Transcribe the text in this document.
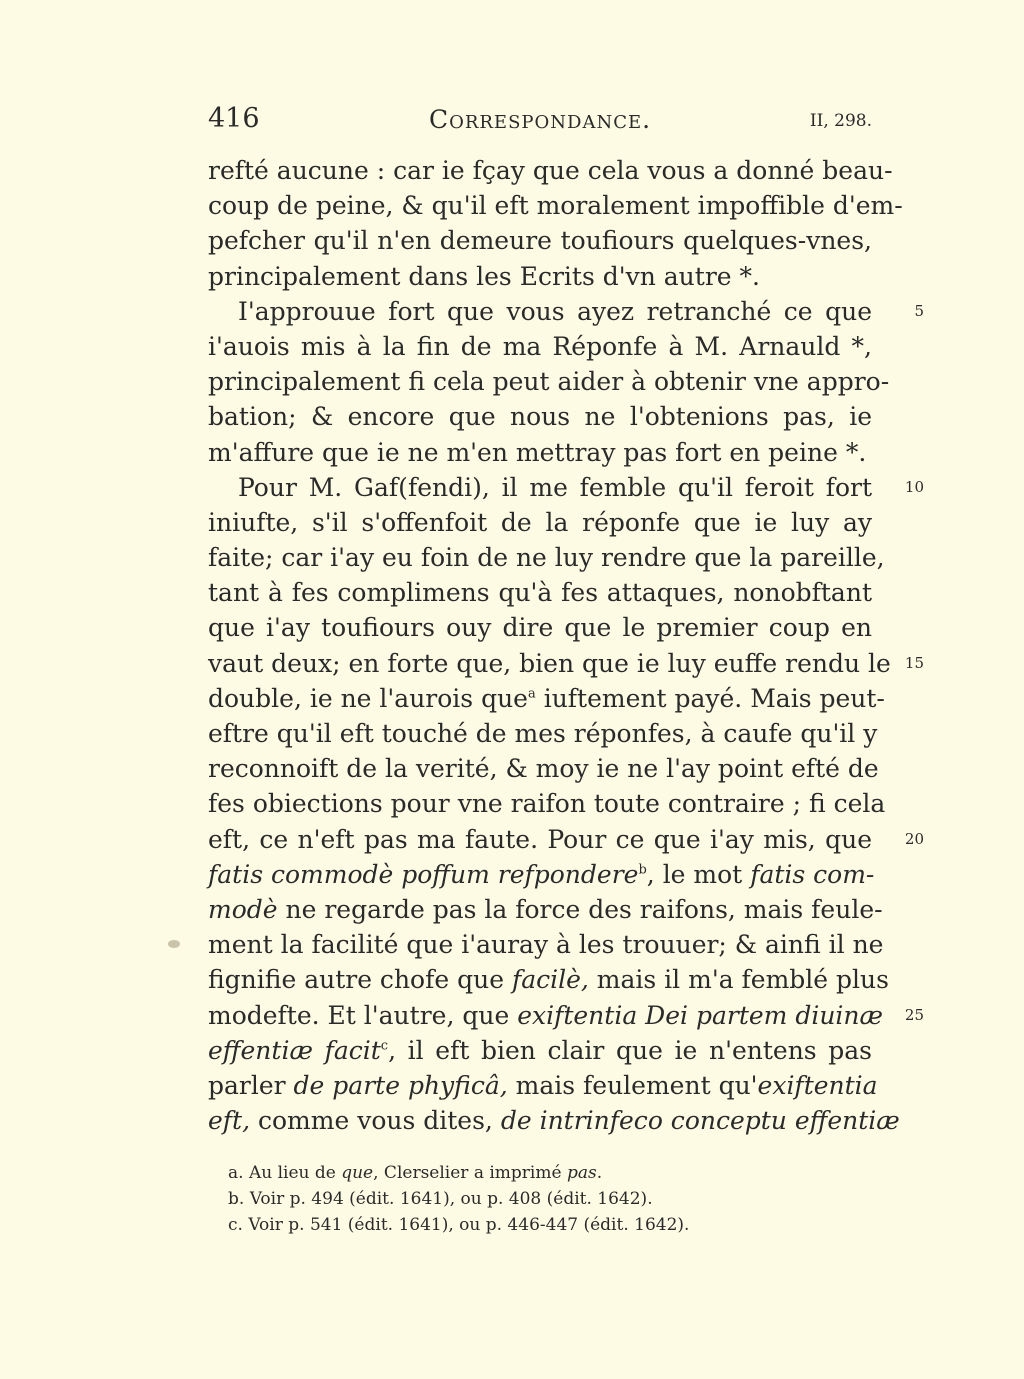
416	Correspondance.	II, 298.
refté aucune : car ie fçay que cela vous a donné beau-
coup de peine, & qu'il eft moralement impoffible d'em-
pefcher qu'il n'en demeure toufiours quelques-vnes,
principalement dans les Ecrits d'vn autre *.
I'approuue fort que vous ayez retranché ce que	5
i'auois mis à la fin de ma Réponfe à M. Arnauld *,
principalement fi cela peut aider à obtenir vne appro-
bation; & encore que nous ne l'obtenions pas, ie
m'affure que ie ne m'en mettray pas fort en peine *.
Pour M. Gaf(fendi), il me femble qu'il feroit fort 10
iniufte, s'il s'offenfoit de la réponfe que ie luy ay
faite; car i'ay eu foin de ne luy rendre que la pareille,
tant à fes complimens qu'à fes attaques, nonobftant
que i'ay toufiours ouy dire que le premier coup en
vaut deux; en forte que, bien que ie luy euffe rendu le 15
double, ie ne l'aurois que$^a$ iuftement payé. Mais peut-
eftre qu'il eft touché de mes réponfes, à caufe qu'il y
reconnoift de la verité, & moy ie ne l'ay point efté de
fes obiections pour vne raifon toute contraire ; fi cela
eft, ce n'eft pas ma faute. Pour ce que i'ay mis, que 20
fatis commodè poffum refpondere$^b$, le mot fatis com-
modè ne regarde pas la force des raifons, mais feule-
ment la facilité que i'auray à les trouuer; & ainfi il ne
fignifie autre chofe que facilè, mais il m'a femblé plus
modefte. Et l'autre, que exiftentia Dei partem diuinæ 25
effentiæ facit$^c$, il eft bien clair que ie n'entens pas
parler de parte phyficâ, mais feulement qu'exiftentia
eft, comme vous dites, de intrinfeco conceptu effentiæ
a. Au lieu de que, Clerselier a imprimé pas.
b. Voir p. 494 (édit. 1641), ou p. 408 (édit. 1642).
c. Voir p. 541 (édit. 1641), ou p. 446-447 (édit. 1642).
